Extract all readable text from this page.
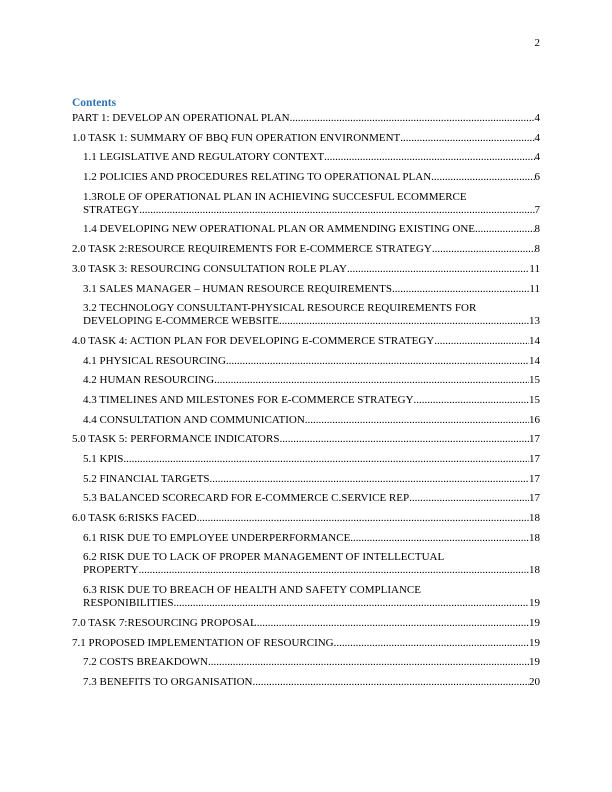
2
Contents
PART 1: DEVELOP AN OPERATIONAL PLAN .....	4
1.0 TASK 1: SUMMARY OF BBQ FUN OPERATION ENVIRONMENT .....	4
1.1 LEGISLATIVE AND REGULATORY CONTEXT .....	4
1.2 POLICIES AND PROCEDURES RELATING TO OPERATIONAL PLAN .....	6
1.3ROLE OF OPERATIONAL PLAN IN ACHIEVING SUCCESFUL ECOMMERCE
STRATEGY .....	7
1.4 DEVELOPING NEW OPERATIONAL PLAN OR AMMENDING EXISTING ONE .....	8
2.0 TASK 2:RESOURCE REQUIREMENTS FOR E-COMMERCE STRATEGY .....	8
3.0 TASK 3: RESOURCING CONSULTATION ROLE PLAY .....	11
3.1 SALES MANAGER – HUMAN RESOURCE REQUIREMENTS .....	11
3.2 TECHNOLOGY CONSULTANT-PHYSICAL RESOURCE REQUIREMENTS FOR
DEVELOPING E-COMMERCE WEBSITE .....	13
4.0 TASK 4: ACTION PLAN FOR DEVELOPING E-COMMERCE STRATEGY .....	14
4.1 PHYSICAL RESOURCING .....	14
4.2 HUMAN RESOURCING .....	15
4.3 TIMELINES AND MILESTONES FOR E-COMMERCE STRATEGY .....	15
4.4 CONSULTATION AND COMMUNICATION .....	16
5.0 TASK 5: PERFORMANCE INDICATORS .....	17
5.1 KPIS .....	17
5.2 FINANCIAL TARGETS .....	17
5.3 BALANCED SCORECARD FOR E-COMMERCE C.SERVICE REP .....	17
6.0 TASK 6:RISKS FACED .....	18
6.1 RISK DUE TO EMPLOYEE UNDERPERFORMANCE .....	18
6.2 RISK DUE TO LACK OF PROPER MANAGEMENT OF INTELLECTUAL
PROPERTY .....	18
6.3 RISK DUE TO BREACH OF HEALTH AND SAFETY COMPLIANCE
RESPONIBILITIES .....	19
7.0 TASK 7:RESOURCING PROPOSAL .....	19
7.1 PROPOSED IMPLEMENTATION OF RESOURCING .....	19
7.2 COSTS BREAKDOWN .....	19
7.3 BENEFITS TO ORGANISATION .....	20
